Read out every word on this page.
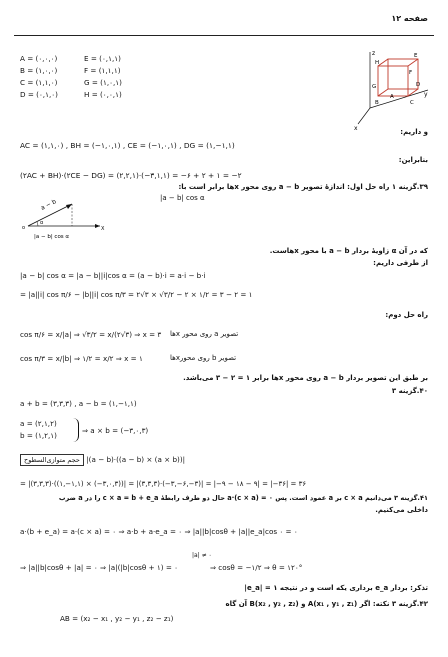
صفحه ۱۲
A = (۰,۰,۰)	E = (۰,۱,۱)
B = (۱,۰,۰)	F = (۱,۱,۱)
C = (۱,۱,۰)	G = (۱,۰,۱)
D = (۰,۱,۰)	H = (۰,۰,۱)
z
y
x
H
E
F
G
A
B	C
D
و داریم:
AC = (۱,۱,۰) , BH = (−۱,۰,۱) , CE = (−۱,۰,۱) , DG = (۱,−۱,۱)
بنابراین:
(۲AC + BH)·(۲CE − DG) = (۲,۲,۱)·(−۳,۱,۱) = −۶ + ۲ + ۱ = −۲
۳۹.گزینه ۱ راه حل اول: اندازهٔ تصویر a − b روی محور xها برابر است با:
|a − b| cos α
a − b
α
X
o
|a − b| cos α
که در آن α زاویهٔ بردار a − b با محور xهاست.
از طرفی داریم:
|a − b| cos α = |a − b||i|cos α = (a − b)·i = a·i − b·i
= |a||i| cos π/۶ − |b||i| cos π/۳ = ۲√۳ × √۳/۲ − ۲ × ۱/۲ = ۳ − ۲ = ۱
راه حل دوم:
cos π/۶ = x/|a| ⇒ √۳/۲ = x/(۲√۳) ⇒ x = ۳ تصویر a روی محور xها
cos π/۳ = x/|b| ⇒ ۱/۲ = x/۲ ⇒ x = ۱	تصویر b روی محورxها
بر طبق این تصویر بردار a − b روی محور xها برابر ۱ = ۲ − ۳ می‌باشد.
۴۰.گزینه ۳
a + b = (۳,۳,۳) , a − b = (۱,−۱,۱)
a = (۲,۱,۲)
b = (۱,۲,۱)
⇒ a × b = (−۳,۰,۳)
حجم متوازی‌السطوح |(a − b)·((a − b) × (a × b))|
= |(۳,۳,۳)·((۱,−۱,۱) × (−۳,۰,۳))| = |(۳,۳,۳)·(−۳,−۶,−۳)| = |−۹ − ۱۸ − ۹| = |−۳۶| = ۳۶
۴۱.گزینه ۳ می‌دانیم c × a بر a عمود است. پس a·(c × a) = ۰ حال دو طرف رابطهٔ c × a = b + e_a را در a ضرب
داخلی می‌کنیم.
a·(b + e_a) = a·(c × a) = ۰ ⇒ a·b + a·e_a = ۰ ⇒ |a||b|cosθ + |a||e_a|cos ۰ = ۰
⇒ |a||b|cosθ + |a| = ۰ ⇒ |a|(|b|cosθ + ۱) = ۰
|a| ≠ ۰
⇒ cosθ = −۱/۲ ⇒ θ = ۱۲۰°
تذکر: بردار e_a برداری یکه است و در نتیجه ۱ = |e_a|
۴۲.گزینه ۳ نکته: اگر (A(x₁ , y₁ , z₁ و (B(x₂ , y₂ , z₂ آن گاه
AB = (x₂ − x₁ , y₂ − y₁ , z₂ − z₁)
